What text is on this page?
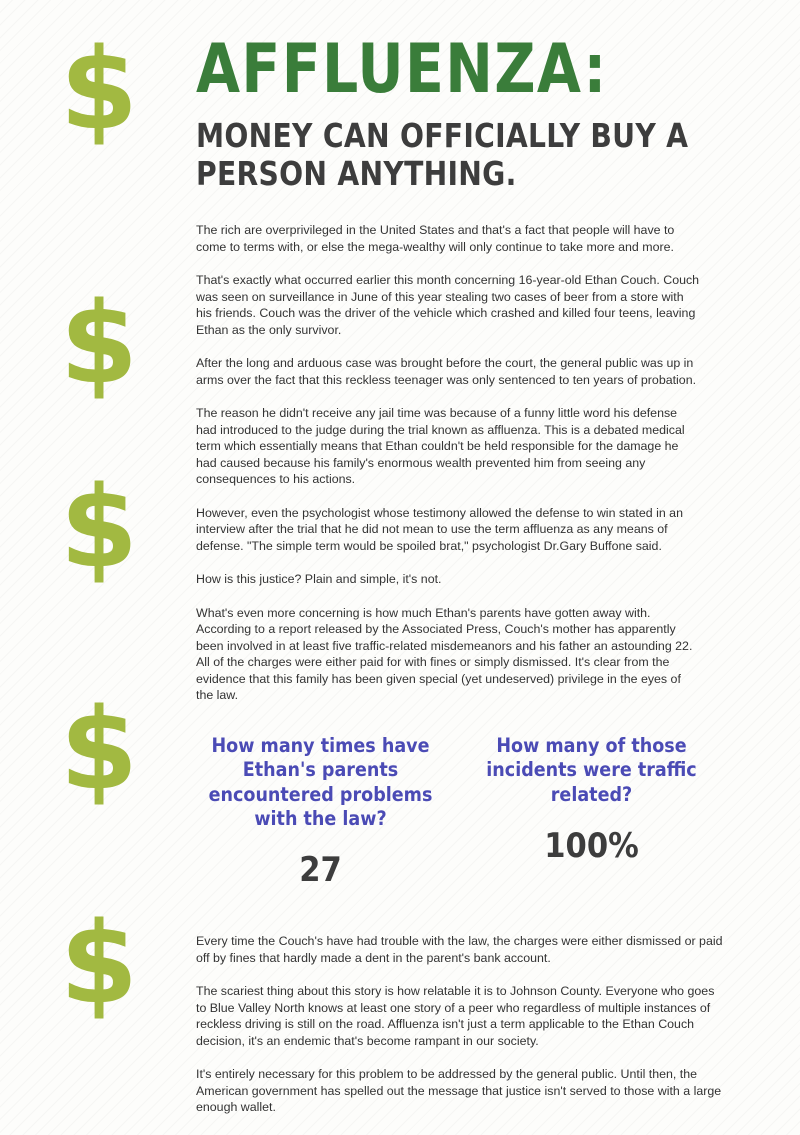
$
$
$
$
$
AFFLUENZA:
MONEY CAN OFFICIALLY BUY A PERSON ANYTHING.

The rich are overprivileged in the United States and that's a fact that people will have to come to terms with, or else the mega-wealthy will only continue to take more and more.

That's exactly what occurred earlier this month concerning 16-year-old Ethan Couch. Couch was seen on surveillance in June of this year stealing two cases of beer from a store with his friends. Couch was the driver of the vehicle which crashed and killed four teens, leaving Ethan as the only survivor.

After the long and arduous case was brought before the court, the general public was up in arms over the fact that this reckless teenager was only sentenced to ten years of probation.

The reason he didn't receive any jail time was because of a funny little word his defense had introduced to the judge during the trial known as affluenza. This is a debated medical term which essentially means that Ethan couldn't be held responsible for the damage he had caused because his family's enormous wealth prevented him from seeing any consequences to his actions.

However, even the psychologist whose testimony allowed the defense to win stated in an interview after the trial that he did not mean to use the term affluenza as any means of defense. "The simple term would be spoiled brat," psychologist Dr.Gary Buffone said.

How is this justice? Plain and simple, it's not.

What's even more concerning is how much Ethan's parents have gotten away with. According to a report released by the Associated Press, Couch's mother has apparently been involved in at least five traffic-related misdemeanors and his father an astounding 22. All of the charges were either paid for with fines or simply dismissed. It's clear from the evidence that this family has been given special (yet undeserved) privilege in the eyes of the law.

How many times have Ethan's parents encountered problems with the law?
27
How many of those incidents were traffic related?
100%

Every time the Couch's have had trouble with the law, the charges were either dismissed or paid off by fines that hardly made a dent in the parent's bank account.

The scariest thing about this story is how relatable it is to Johnson County. Everyone who goes to Blue Valley North knows at least one story of a peer who regardless of multiple instances of reckless driving is still on the road. Affluenza isn't just a term applicable to the Ethan Couch decision, it's an endemic that's become rampant in our society.

It's entirely necessary for this problem to be addressed by the general public. Until then, the American government has spelled out the message that justice isn't served to those with a large enough wallet.
